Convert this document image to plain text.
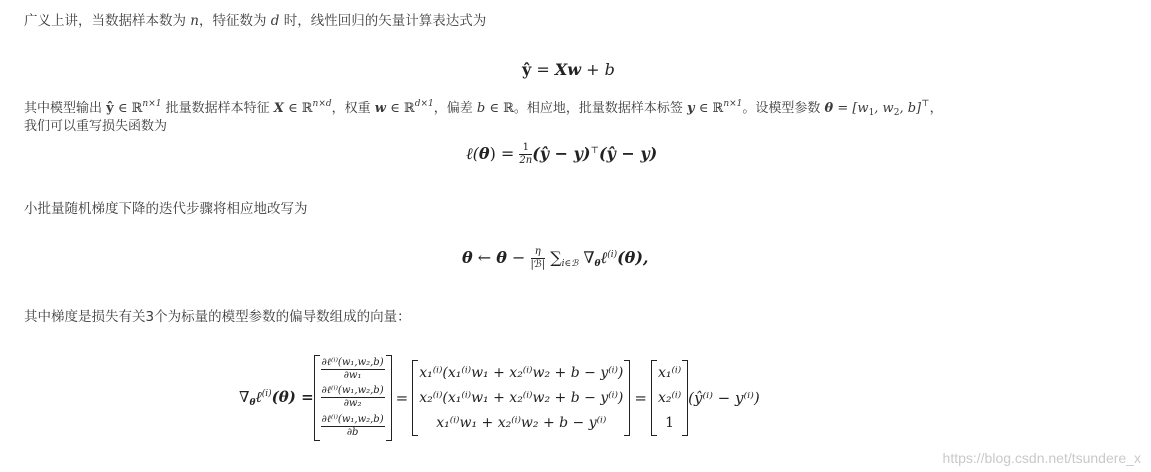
广义上讲，当数据样本数为 n，特征数为 d 时，线性回归的矢量计算表达式为
ŷ = Xw + b
其中模型输出 ŷ ∈ ℝ$^{n\times 1}$ 批量数据样本特征 X ∈ ℝ$^{n\times d}$，权重 w ∈ ℝ$^{d\times 1}$，偏差 b ∈ ℝ。相应地，批量数据样本标签 y ∈ ℝ$^{n\times 1}$。设模型参数 $\theta = [w_1$, $w_2$, b]⊤，
我们可以重写损失函数为
ℓ(θ) = $\frac{1}{2n}$ (ŷ − y)⊤(ŷ − y)
小批量随机梯度下降的迭代步骤将相应地改写为
θ ← $\theta - \frac{\eta}{\text{|ℬ|}} \sum_{i\in ℬ}$ $\nabla_\theta\ell^{(i)}(\theta)$,
其中梯度是损失有关3个为标量的模型参数的偏导数组成的向量：
$\nabla_\theta\ell^{(i)}(\theta)$ =
$\frac{\text{∂ℓ⁽ⁱ⁾(w₁,w₂,b)}}{\text{∂w₁}}$
$\frac{\text{∂ℓ⁽ⁱ⁾(w₁,w₂,b)}}{\text{∂w₂}}$
$\frac{\text{∂ℓ⁽ⁱ⁾(w₁,w₂,b)}}{\partial b}$
=
x₁⁽ⁱ⁾(x₁⁽ⁱ⁾w₁ + x₂⁽ⁱ⁾w₂ + b − y⁽ⁱ⁾)
x₂⁽ⁱ⁾(x₁⁽ⁱ⁾w₁ + x₂⁽ⁱ⁾w₂ + b − y⁽ⁱ⁾)
x₁⁽ⁱ⁾w₁ + x₂⁽ⁱ⁾w₂ + b − y⁽ⁱ⁾
=
x₁⁽ⁱ⁾
x₂⁽ⁱ⁾
1
(ŷ⁽ⁱ⁾ − y⁽ⁱ⁾)
https://blog.csdn.net/tsundere_x
